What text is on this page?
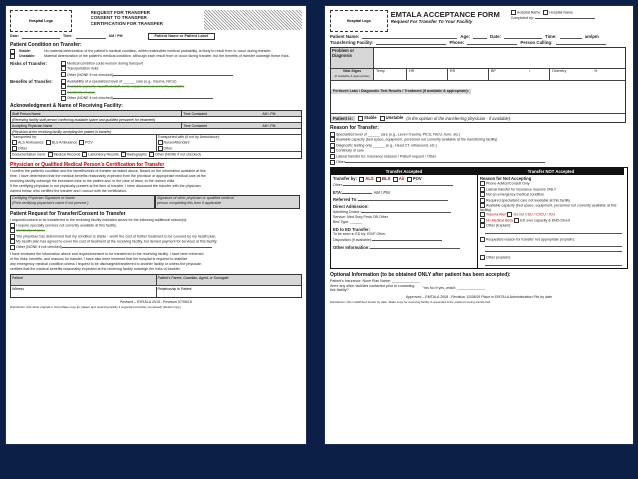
Hospital Logo
REQUEST FOR TRANSFER
CONSENT TO TRANSFER
CERTIFICATION FOR TRANSFER
Date:	Time:	AM \ PM	Patient Name or Patient Label
Patient Condition on Transfer:
Stable:	No material deterioration of the patient's medical condition, within reasonable medical probability, is likely to result from or occur during transfer.
Unstable:	Material deterioration of the patient's medical condition, although each result from or occur during transfer, but the benefits of transfer outweigh these risks.
Risks of Transfer:	Medical condition could worsen during transport
Transportation risks
Other (NONE if not checked)
Benefits of Transfer:	Availability of a specialized level of ______ care (e.g., trauma, NICU)
Available capacity / qualified staff, beds, equipment not currently available
Continuity of care
Other (NONE if not checked)
Acknowledgment & Name of Receiving Facility:
Staff Person Name	Time Contacted	AM \ PM
(Receiving facility staff person confirming available space and qualified personnel for treatment)
Accepting Physician Name	Time Contacted	AM \ PM
(Physician at the receiving facility accepting the patient in transfer)
Transported by:
ALS Ambulance BLS Ambulance POV
Other
Transported with (if not by Ambulance):
Nurse/Attendant
Other
Documentation Sent: Medical Records Laboratory Results Radiographs Other (NONE if not checked)
Physician or Qualified Medical Person's Certification for Transfer
I confirm the patient's condition and the benefits/risks of transfer as stated above. Based on the information available at this
time, I have determined that the medical benefits reasonably expected from the provision of appropriate medical care at the
receiving facility outweigh the increased risks to the patient and, in the case of labor, to the unborn child.
If the certifying physician is not physically present at the time of transfer, I have discussed the transfer with the physician
named below, who certified the transfer and I concur with the certification.
Certifying Physician Signature or Name
(Print certifying physician's name if not present )
Signature of other physician or qualified medical
person completing this form if applicable
Patient Request for Transfer/Consent to Transfer
I request/consent to be transferred to the receiving facility indicated above for the following additional reason(s):
I require specialty services not currently available at this facility.
Continuity of care.
The physician has determined that my condition is stable - worth the cost of further treatment to be covered by my health plan.
My health plan has agreed to cover the cost of treatment at the receiving facility, but denied payment for services at this facility.
Other (NONE if not checked)
I have reviewed the information above and request/consent to be transferred to the receiving facility. I have been informed
of the risks, benefits, and reasons for transfer. I have also been informed that the hospital is required to stabilize
any emergency medical condition unless I request to be discharged/transferred to another facility or unless the physician
certifies that the medical benefits reasonably expected at the receiving facility outweigh the risks of transfer.
Patient	Patient's Parent, Guardian, Agent, or Surrogate
Witness	Relationship to Patient
Revised – EMTALA 2015 - Revision 07/08/15
Distribution: File white original in chart Make copy for patient and receiving facility if requested (transfer completed) (Retain copy)
Hospital Logo
EMTALA ACCEPTANCE FORM
Request For Transfer To Your Facility
Hospital Name	Hospital Name
Completed by:
Patient Name:	Age:	Date:	Time:	am\pm
Transferring Facility:	Phone:	Person Calling:
Problem or
Diagnosis
Vital Signs
(if available & appropriate)
Temp	HR	RR	BP	/	Oximetry	%
Pertinent Labs / Diagnostic Test Results / Treatment (if available & appropriate):
Patient is:	Stable	Unstable (in the opinion of the transferring physician - if available)
Reason for Transfer:
Specialized level of ______ care (e.g., Level I trauma, PICU, NICU, burn, etc.)
Available capacity (bed space, equipment, personnel not currently available at the transferring facility)
Diagnostic testing only ______ (e.g., Head CT, ultrasound, etc.)
Continuity of care
Lateral transfer for: Insurance reasons / Patient request / Other
Other
Transfer Accepted
Transfer by: ALS BLS Air POV
Other:
ETA:	AM \ PM
Referred To:
Direct Admission:
Admitting Doctor:
Service: Med Surg Peds OB Other
Bed Type: ______
ED to ED Transfer:
To be seen in ED by: ED/P Other
Disposition (if available):
Other Information:
Transfer NOT Accepted
Reason for Not Accepting
Phone Advice/Consult Only
Lateral transfer for insurance reasons ONLY
Not an emergency medical condition
Required specialized care not available at this facility
Available capacity (bed space, equipment, personnel not currently available at this facility)
Trauma Alert Do not CSU / CSCU / ICU
No Medical Beds ED over capacity & EMS Divert
Other (Explain):
Requested reason for transfer not appropriate (explain):
Other (explain):
Optional Information (to be obtained ONLY after patient has been accepted):
Patient's Insurance: None Plan Name: ______________
Were any other facilities contacted prior to contacting this facility?
Yes No If yes, which: ______________
Approved – EMTALA 2008 - Revision 12/08/09 Place in EMTALA Administration File by date
Distribution: File in EMTALA binder by date. Make copy for receiving facility if requested & the patient is being transferred.
